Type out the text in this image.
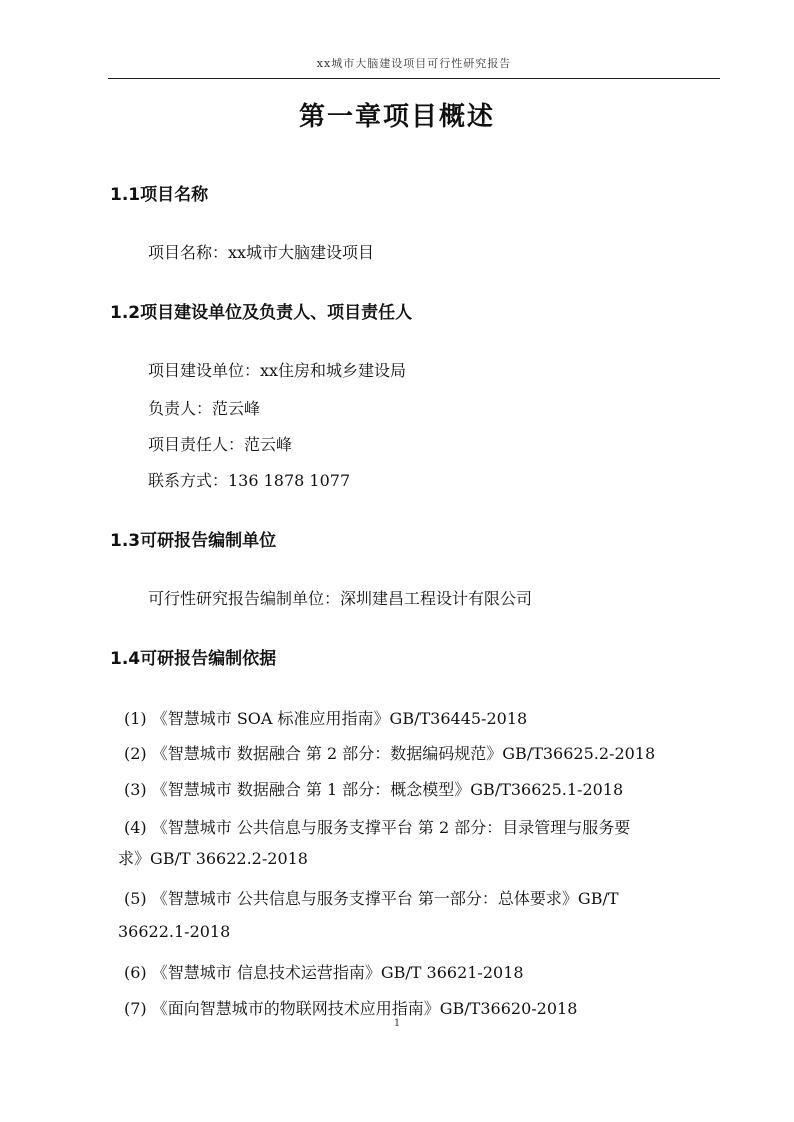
xx城市大脑建设项目可行性研究报告
第一章项目概述
1.1项目名称
项目名称：xx城市大脑建设项目
1.2项目建设单位及负责人、项目责任人
项目建设单位：xx住房和城乡建设局
负责人：范云峰
项目责任人：范云峰
联系方式：136 1878 1077
1.3可研报告编制单位
可行性研究报告编制单位：深圳建昌工程设计有限公司
1.4可研报告编制依据
(1) 《智慧城市 SOA 标准应用指南》GB/T36445-2018
(2) 《智慧城市 数据融合 第 2 部分：数据编码规范》GB/T36625.2-2018
(3) 《智慧城市 数据融合 第 1 部分：概念模型》GB/T36625.1-2018
(4) 《智慧城市 公共信息与服务支撑平台 第 2 部分：目录管理与服务要
求》GB/T 36622.2-2018
(5) 《智慧城市 公共信息与服务支撑平台 第一部分：总体要求》GB/T
36622.1-2018
(6) 《智慧城市 信息技术运营指南》GB/T 36621-2018
(7) 《面向智慧城市的物联网技术应用指南》GB/T36620-2018
1
